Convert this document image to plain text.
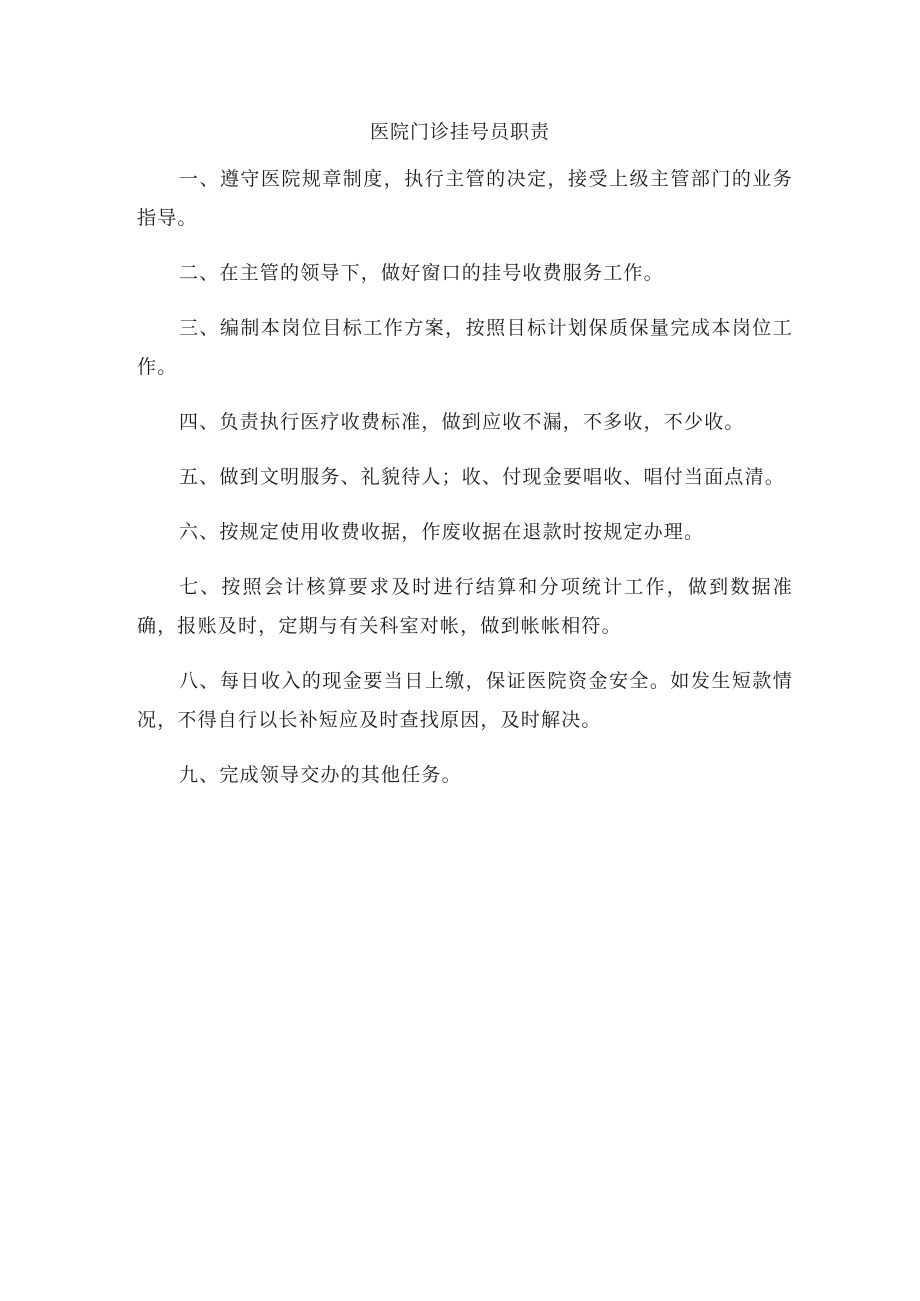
医院门诊挂号员职责

一、遵守医院规章制度，执行主管的决定，接受上级主管部门的业务指导。

二、在主管的领导下，做好窗口的挂号收费服务工作。

三、编制本岗位目标工作方案，按照目标计划保质保量完成本岗位工作。

四、负责执行医疗收费标准，做到应收不漏，不多收，不少收。

五、做到文明服务、礼貌待人；收、付现金要唱收、唱付当面点清。

六、按规定使用收费收据，作废收据在退款时按规定办理。

七、按照会计核算要求及时进行结算和分项统计工作，做到数据准确，报账及时，定期与有关科室对帐，做到帐帐相符。

八、每日收入的现金要当日上缴，保证医院资金安全。如发生短款情况，不得自行以长补短应及时查找原因，及时解决。

九、完成领导交办的其他任务。
